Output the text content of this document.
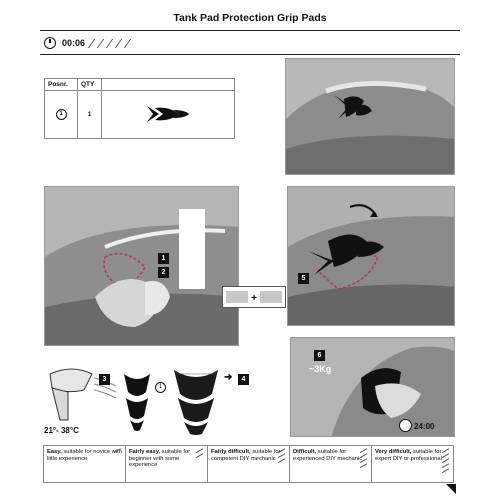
Tank Pad Protection Grip Pads
00:06
Posnr.	QTY	
1	1	
1
2
+
5
3
21°- 38°C
1
4
➜
6
~3Kg
24:00
Easy, suitable for novice with little experience
Fairly easy, suitable for beginner with some experience
Fairly difficult, suitable for competent DIY mechanic
Difficult, suitable for experienced DIY mechanic
Very difficult, suitable for expert DIY or professional
